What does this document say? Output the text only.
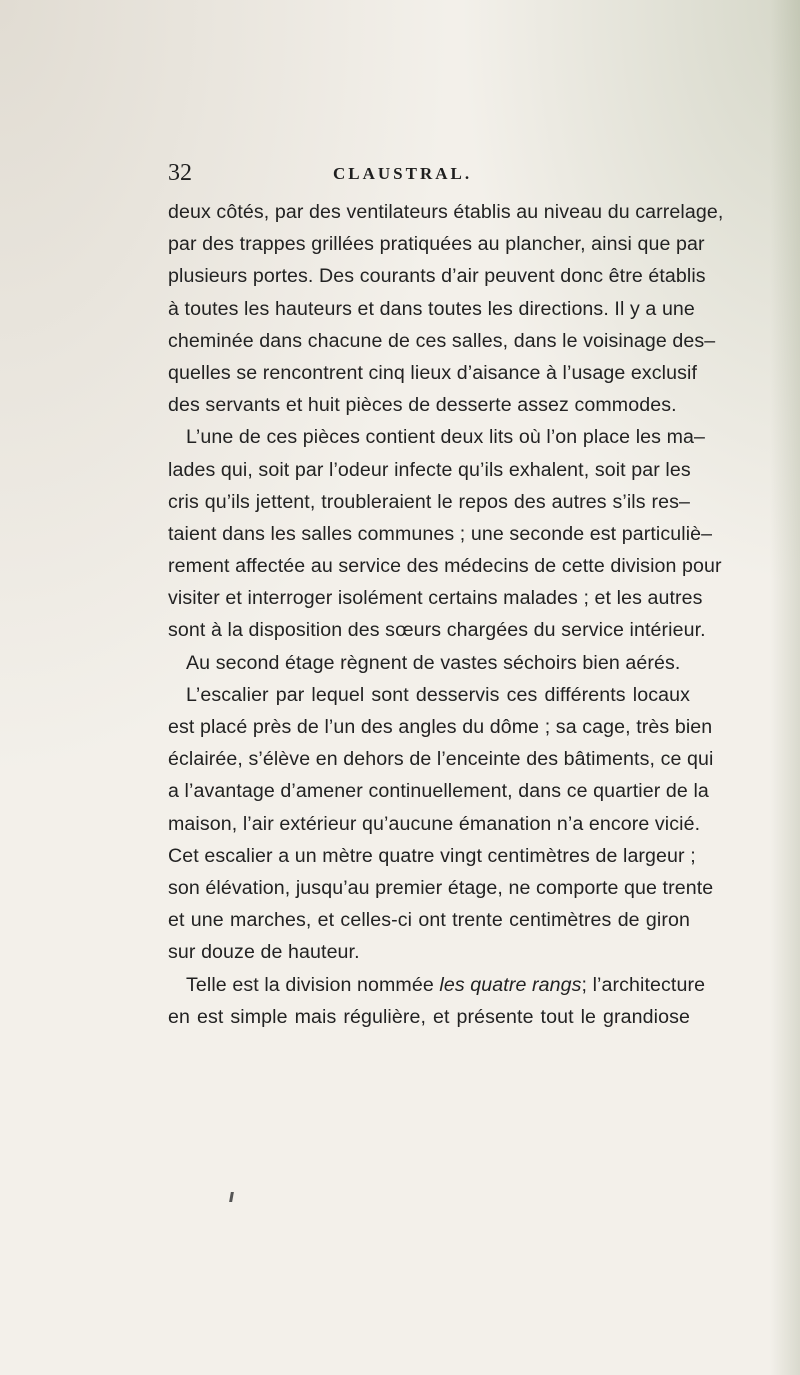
32	CLAUSTRAL.
deux côtés, par des ventilateurs établis au niveau du carrelage,
par des trappes grillées pratiquées au plancher, ainsi que par
plusieurs portes. Des courants d’air peuvent donc être établis
à toutes les hauteurs et dans toutes les directions. Il y a une
cheminée dans chacune de ces salles, dans le voisinage des–
quelles se rencontrent cinq lieux d’aisance à l’usage exclusif
des servants et huit pièces de desserte assez commodes.
L’une de ces pièces contient deux lits où l’on place les ma–
lades qui, soit par l’odeur infecte qu’ils exhalent, soit par les
cris qu’ils jettent, troubleraient le repos des autres s’ils res–
taient dans les salles communes ; une seconde est particuliè–
rement affectée au service des médecins de cette division pour
visiter et interroger isolément certains malades ; et les autres
sont à la disposition des sœurs chargées du service intérieur.
Au second étage règnent de vastes séchoirs bien aérés.
L’escalier par lequel sont desservis ces différents locaux
est placé près de l’un des angles du dôme ; sa cage, très bien
éclairée, s’élève en dehors de l’enceinte des bâtiments, ce qui
a l’avantage d’amener continuellement, dans ce quartier de la
maison, l’air extérieur qu’aucune émanation n’a encore vicié.
Cet escalier a un mètre quatre vingt centimètres de largeur ;
son élévation, jusqu’au premier étage, ne comporte que trente
et une marches, et celles-ci ont trente centimètres de giron
sur douze de hauteur.
Telle est la division nommée les quatre rangs; l’architecture
en est simple mais régulière, et présente tout le grandiose
